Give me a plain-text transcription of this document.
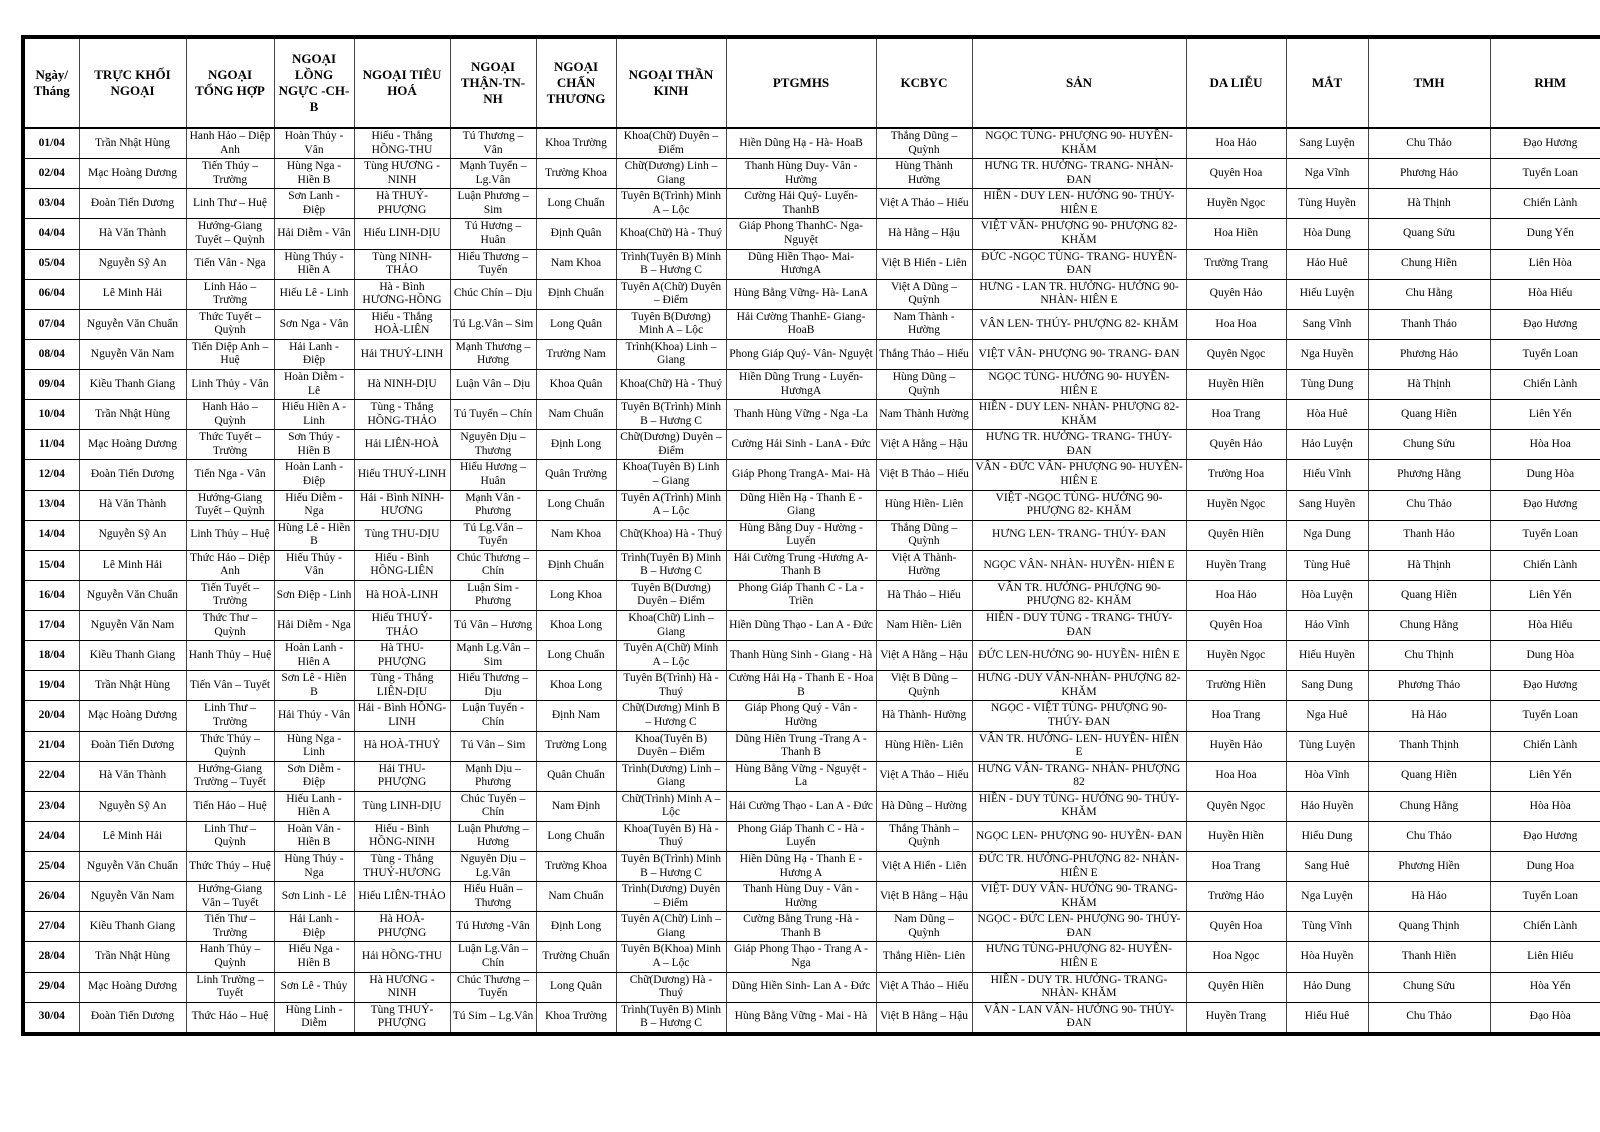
Ngày/ Tháng	TRỰC KHỐI NGOẠI	NGOẠI TỔNG HỢP	NGOẠI LỒNG NGỰC -CH-B	NGOẠI TIÊU HOÁ	NGOẠI THẬN-TN- NH	NGOẠI CHẤN THƯƠNG	NGOẠI THẦN KINH	PTGMHS	KCBYC	SẢN	DA LIỄU	MẮT	TMH	RHM
01/04	Trần Nhật Hùng	Hanh Hảo – Diệp Anh	Hoàn Thủy - Vân	Hiếu - Thắng HỒNG-THU	Tú Thương – Vân	Khoa Trường	Khoa(Chữ) Duyên – Điểm	Hiền Dũng Hạ - Hà- HoaB	Thắng Dũng – Quỳnh	NGỌC TÙNG- PHƯỢNG 90- HUYỀN- KHĂM	Hoa Hảo	Sang Luyện	Chu Thảo	Đạo Hương
02/04	Mạc Hoàng Dương	Tiến Thúy – Trường	Hùng Nga - Hiền B	Tùng HƯƠNG - NINH	Mạnh Tuyển – Lg.Vân	Trường Khoa	Chữ(Dương) Linh – Giang	Thanh Hùng Duy- Vân - Hường	Hùng Thành Hường	HƯNG TR. HƯỞNG- TRANG- NHÀN- ĐAN	Quyên Hoa	Nga Vĩnh	Phương Hảo	Tuyển Loan
03/04	Đoàn Tiến Dương	Linh Thư – Huệ	Sơn Lanh - Điệp	Hà THUÝ-PHƯỢNG	Luận Phương – Sim	Long Chuẩn	Tuyên B(Trình) Minh A – Lộc	Cường Hải Quý- Luyến- ThanhB	Việt A Thảo – Hiếu	HIỀN - DUY LEN- HƯỚNG 90- THÚY- HIÊN E	Huyền Ngọc	Tùng Huyền	Hà Thịnh	Chiến Lành
04/04	Hà Văn Thành	Hướng-Giang Tuyết – Quỳnh	Hải Diễm - Vân	Hiếu LINH-DỊU	Tú Hương – Huân	Định Quân	Khoa(Chữ) Hà - Thuý	Giáp Phong ThanhC- Nga- Nguyệt	Hà Hằng – Hậu	VIỆT VĂN- PHƯỢNG 90- PHƯỢNG 82- KHĂM	Hoa Hiền	Hòa Dung	Quang Sửu	Dung Yến
05/04	Nguyễn Sỹ An	Tiến Vân - Nga	Hùng Thúy - Hiền A	Tùng NINH-THẢO	Hiểu Thương – Tuyến	Nam Khoa	Trình(Tuyên B) Minh B – Hương C	Dũng Hiền Thạo- Mai- HươngA	Việt B Hiển - Liên	ĐỨC -NGỌC TÙNG- TRANG- HUYỀN- ĐAN	Trường Trang	Hảo Huê	Chung Hiền	Liên Hòa
06/04	Lê Minh Hải	Linh Hảo – Trường	Hiếu Lê - Linh	Hà - Bình HƯƠNG-HỒNG	Chúc Chín – Dịu	Định Chuẩn	Tuyên A(Chữ) Duyên – Điểm	Hùng Bằng Vững- Hà- LanA	Việt A Dũng – Quỳnh	HƯNG - LAN TR. HƯỞNG- HƯỞNG 90- NHÀN- HIÊN E	Quyên Hảo	Hiếu Luyện	Chu Hằng	Hòa Hiếu
07/04	Nguyễn Văn Chuẩn	Thức Tuyết – Quỳnh	Sơn Nga - Vân	Hiếu - Thắng HOÀ-LIÊN	Tú Lg.Vân – Sim	Long Quân	Tuyên B(Dương) Minh A – Lộc	Hải Cường ThanhE- Giang- HoaB	Nam Thành - Hường	VÂN LEN- THÚY- PHƯỢNG 82- KHĂM	Hoa Hoa	Sang Vĩnh	Thanh Thảo	Đạo Hương
08/04	Nguyễn Văn Nam	Tiến Diệp Anh – Huệ	Hải Lanh - Điệp	Hải THUÝ-LINH	Mạnh Thương – Hương	Trường Nam	Trình(Khoa) Linh – Giang	Phong Giáp Quý- Vân- Nguyệt	Thắng Thảo – Hiếu	VIỆT VÂN- PHƯỢNG 90- TRANG- ĐAN	Quyên Ngọc	Nga Huyền	Phương Hảo	Tuyển Loan
09/04	Kiều Thanh Giang	Linh Thủy - Vân	Hoàn Diễm - Lê	Hà NINH-DỊU	Luận Vân – Dịu	Khoa Quân	Khoa(Chữ) Hà - Thuý	Hiền Dũng Trung - Luyến- HươngA	Hùng Dũng – Quỳnh	NGỌC TÙNG- HƯỞNG 90- HUYỀN- HIÊN E	Huyền Hiền	Tùng Dung	Hà Thịnh	Chiến Lành
10/04	Trần Nhật Hùng	Hanh Hảo – Quỳnh	Hiếu Hiền A - Linh	Tùng - Thắng HỒNG-THẢO	Tú Tuyển – Chín	Nam Chuẩn	Tuyên B(Trình) Minh B – Hương C	Thanh Hùng Vững - Nga -La	Nam Thành Hường	HIỀN - DUY LEN- NHÀN- PHƯỢNG 82- KHĂM	Hoa Trang	Hòa Huê	Quang Hiền	Liên Yến
11/04	Mạc Hoàng Dương	Thức Tuyết – Trường	Sơn Thúy - Hiền B	Hải LIÊN-HOÀ	Nguyên Dịu – Thương	Định Long	Chữ(Dương) Duyên – Điểm	Cường Hải Sinh - LanA - Đức	Việt A Hằng – Hậu	HƯNG TR. HƯỞNG- TRANG- THÚY- ĐAN	Quyên Hảo	Hảo Luyện	Chung Sửu	Hòa Hoa
12/04	Đoàn Tiến Dương	Tiến Nga - Vân	Hoàn Lanh - Điệp	Hiếu THUÝ-LINH	Hiểu Hương – Huân	Quân Trường	Khoa(Tuyên B) Linh – Giang	Giáp Phong TrangA- Mai- Hà	Việt B Thảo – Hiếu	VÂN - ĐỨC VÂN- PHƯỢNG 90- HUYỀN- HIÊN E	Trường Hoa	Hiếu Vĩnh	Phương Hằng	Dung Hòa
13/04	Hà Văn Thành	Hướng-Giang Tuyết – Quỳnh	Hiếu Diễm - Nga	Hải - Bình NINH-HƯƠNG	Mạnh Vân - Phương	Long Chuẩn	Tuyên A(Trình) Minh A – Lộc	Dũng Hiền Hạ - Thanh E - Giang	Hùng Hiền- Liên	VIỆT -NGỌC TÙNG- HƯỞNG 90- PHƯỢNG 82- KHĂM	Huyền Ngọc	Sang Huyền	Chu Thảo	Đạo Hương
14/04	Nguyễn Sỹ An	Linh Thủy – Huệ	Hùng Lê - Hiền B	Tùng THU-DỊU	Tú Lg.Vân – Tuyển	Nam Khoa	Chữ(Khoa) Hà - Thuý	Hùng Bằng Duy - Hường - Luyến	Thắng Dũng – Quỳnh	HƯNG LEN- TRANG- THÚY- ĐAN	Quyên Hiền	Nga Dung	Thanh Hảo	Tuyển Loan
15/04	Lê Minh Hải	Thức Hảo – Diệp Anh	Hiếu Thủy - Vân	Hiếu - Bình HỒNG-LIÊN	Chúc Thương – Chín	Định Chuẩn	Trình(Tuyên B) Minh B – Hương C	Hải Cường Trung -Hương A- Thanh B	Việt A Thành- Hường	NGỌC VÂN- NHÀN- HUYỀN- HIÊN E	Huyền Trang	Tùng Huê	Hà Thịnh	Chiến Lành
16/04	Nguyễn Văn Chuẩn	Tiến Tuyết – Trường	Sơn Điệp - Linh	Hà HOÀ-LINH	Luận Sim - Phương	Long Khoa	Tuyên B(Dương) Duyên – Điểm	Phong Giáp Thanh C - La - Triền	Hà Thảo – Hiếu	VÂN TR. HƯỞNG- PHƯỢNG 90- PHƯỢNG 82- KHĂM	Hoa Hảo	Hòa Luyện	Quang Hiền	Liên Yến
17/04	Nguyễn Văn Nam	Thức Thư – Quỳnh	Hải Diễm - Nga	Hiếu THUÝ-THẢO	Tú Vân – Hương	Khoa Long	Khoa(Chữ) Linh – Giang	Hiền Dũng Thạo - Lan A - Đức	Nam Hiền- Liên	HIỀN - DUY TÙNG - TRANG- THÚY- ĐAN	Quyên Hoa	Hảo Vĩnh	Chung Hằng	Hòa Hiếu
18/04	Kiều Thanh Giang	Hanh Thủy – Huệ	Hoàn Lanh - Hiên A	Hà THU-PHƯỢNG	Mạnh Lg.Vân – Sim	Long Chuẩn	Tuyên A(Chữ) Minh A – Lộc	Thanh Hùng Sinh - Giang - Hà	Việt A Hằng – Hậu	ĐỨC LEN-HƯỞNG 90- HUYỀN- HIÊN E	Huyền Ngọc	Hiếu Huyền	Chu Thịnh	Dung Hòa
19/04	Trần Nhật Hùng	Tiến Vân – Tuyết	Sơn Lê - Hiền B	Tùng - Thắng LIÊN-DỊU	Hiểu Thương – Dịu	Khoa Long	Tuyên B(Trình) Hà - Thuý	Cường Hải Hạ - Thanh E - Hoa B	Việt B Dũng – Quỳnh	HƯNG -DUY VÂN-NHÀN- PHƯỢNG 82- KHĂM	Trường Hiền	Sang Dung	Phương Thảo	Đạo Hương
20/04	Mạc Hoàng Dương	Linh Thư – Trường	Hải Thúy - Vân	Hải - Bình HỒNG-LINH	Luận Tuyển - Chín	Định Nam	Chữ(Dương) Minh B – Hương C	Giáp Phong Quý - Vân - Hường	Hà Thành- Hường	NGỌC - VIỆT TÙNG- PHƯỢNG 90- THÚY- ĐAN	Hoa Trang	Nga Huê	Hà Hảo	Tuyển Loan
21/04	Đoàn Tiến Dương	Thức Thúy – Quỳnh	Hùng Nga - Linh	Hà HOÀ-THUỶ	Tú Vân – Sim	Trường Long	Khoa(Tuyên B) Duyên – Điểm	Dũng Hiền Trung -Trang A - Thanh B	Hùng Hiền- Liên	VÂN TR. HƯỞNG- LEN- HUYỀN- HIÊN E	Huyền Hảo	Tùng Luyện	Thanh Thịnh	Chiến Lành
22/04	Hà Văn Thành	Hướng-Giang Trường – Tuyết	Sơn Diễm - Điệp	Hải THU-PHƯỢNG	Mạnh Dịu – Phương	Quân Chuẩn	Trình(Dương) Linh – Giang	Hùng Bằng Vững - Nguyệt - La	Việt A Thảo – Hiếu	HƯNG VÂN- TRANG- NHÀN- PHƯỢNG 82	Hoa Hoa	Hòa Vĩnh	Quang Hiền	Liên Yến
23/04	Nguyễn Sỹ An	Tiến Hảo – Huệ	Hiếu Lanh - Hiền A	Tùng LINH-DỊU	Chúc Tuyến – Chín	Nam Định	Chữ(Trình) Minh A – Lộc	Hải Cường Thạo - Lan A - Đức	Hà Dũng – Hường	HIỀN - DUY TÙNG- HƯỚNG 90- THÚY- KHĂM	Quyên Ngọc	Hảo Huyền	Chung Hằng	Hòa Hòa
24/04	Lê Minh Hải	Linh Thư – Quỳnh	Hoàn Vân - Hiền B	Hiếu - Bình HỒNG-NINH	Luận Phương – Hương	Long Chuẩn	Khoa(Tuyên B) Hà - Thuý	Phong Giáp Thanh C - Hà - Luyến	Thắng Thành – Quỳnh	NGỌC LEN- PHƯỢNG 90- HUYỀN- ĐAN	Huyền Hiền	Hiểu Dung	Chu Thảo	Đạo Hương
25/04	Nguyễn Văn Chuẩn	Thức Thúy – Huệ	Hùng Thúy - Nga	Tùng - Thắng THUỶ-HƯƠNG	Nguyên Dịu – Lg.Vân	Trường Khoa	Tuyên B(Trình) Minh B – Hương C	Hiền Dũng Hạ - Thanh E - Hương A	Việt A Hiển - Liên	ĐỨC TR. HƯỞNG-PHƯỢNG 82- NHÀN- HIÊN E	Hoa Trang	Sang Huê	Phương Hiền	Dung Hoa
26/04	Nguyễn Văn Nam	Hướng-Giang Vân – Tuyết	Sơn Linh - Lê	Hiếu LIÊN-THẢO	Hiểu Huân – Thương	Nam Chuẩn	Trình(Dương) Duyên – Điểm	Thanh Hùng Duy - Vân - Hường	Việt B Hằng – Hậu	VIỆT- DUY VÂN- HƯỚNG 90- TRANG- KHĂM	Trường Hảo	Nga Luyện	Hà Hảo	Tuyển Loan
27/04	Kiều Thanh Giang	Tiến Thư – Trường	Hải Lanh - Điệp	Hà HOÀ-PHƯỢNG	Tú Hương -Vân	Định Long	Tuyên A(Chữ) Linh – Giang	Cường Bằng Trung -Hà - Thanh B	Nam Dũng – Quỳnh	NGỌC - ĐỨC LEN- PHƯỢNG 90- THÚY- ĐAN	Quyên Hoa	Tùng Vĩnh	Quang Thịnh	Chiến Lành
28/04	Trần Nhật Hùng	Hanh Thủy – Quỳnh	Hiếu Nga - Hiền B	Hải HỒNG-THU	Luận Lg.Vân – Chín	Trường Chuẩn	Tuyên B(Khoa) Minh A – Lộc	Giáp Phong Thạo - Trang A - Nga	Thắng Hiền- Liên	HƯNG TÙNG-PHƯỢNG 82- HUYỀN- HIÊN E	Hoa Ngọc	Hòa Huyền	Thanh Hiền	Liên Hiếu
29/04	Mạc Hoàng Dương	Linh Trường – Tuyết	Sơn Lê - Thủy	Hà HƯƠNG - NINH	Chúc Thương – Tuyến	Long Quân	Chữ(Dương) Hà - Thuý	Dũng Hiền Sinh- Lan A - Đức	Việt A Thảo – Hiếu	HIỀN - DUY TR. HƯỞNG- TRANG- NHÀN- KHĂM	Quyên Hiền	Hảo Dung	Chung Sửu	Hòa Yến
30/04	Đoàn Tiến Dương	Thức Hảo – Huệ	Hùng Linh - Diễm	Tùng THUỶ-PHƯỢNG	Tú Sim – Lg.Vân	Khoa Trường	Trình(Tuyên B) Minh B – Hương C	Hùng Bằng Vững - Mai - Hà	Việt B Hằng – Hậu	VÂN - LAN VÂN- HƯỞNG 90- THÚY- ĐAN	Huyền Trang	Hiểu Huê	Chu Thảo	Đạo Hòa
